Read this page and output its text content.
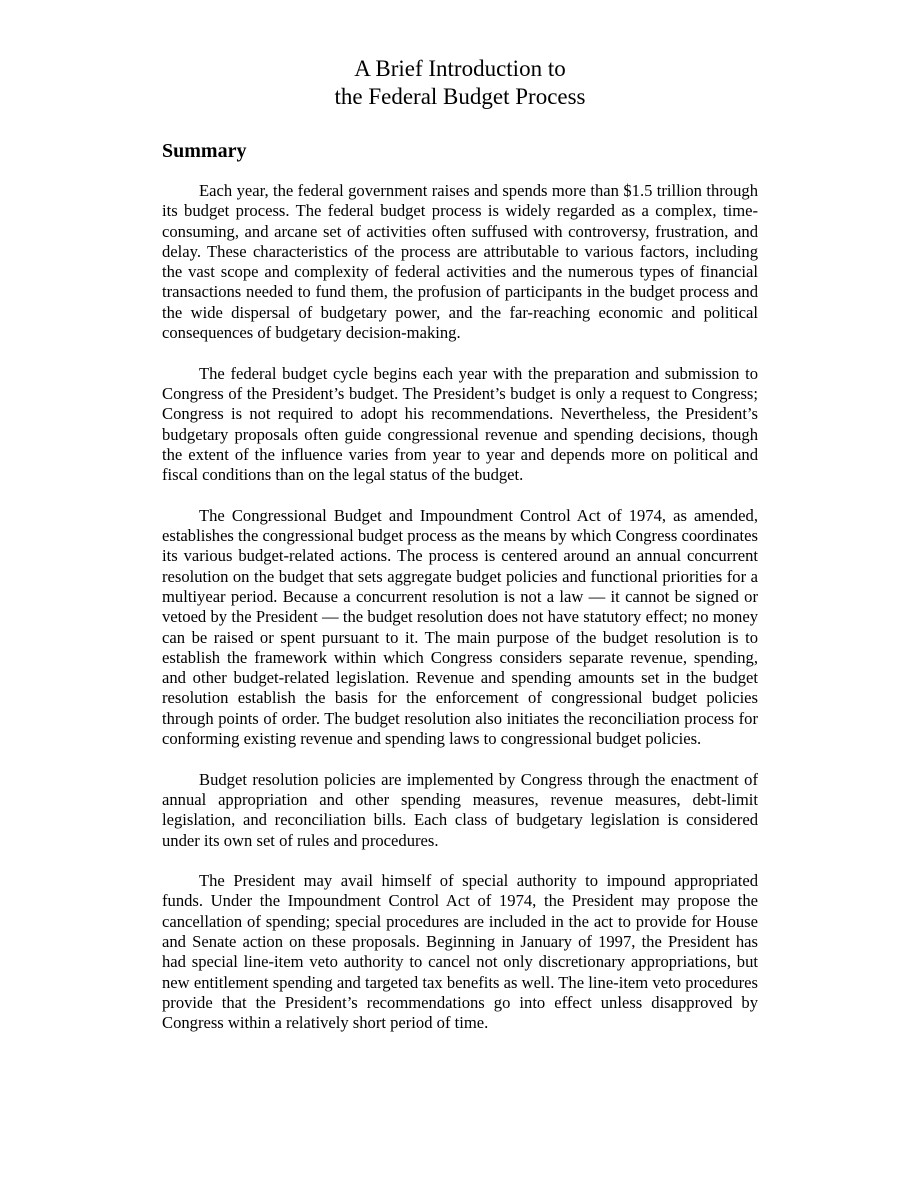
A Brief Introduction to
the Federal Budget Process
Summary

Each year, the federal government raises and spends more than $1.5 trillion through its budget process. The federal budget process is widely regarded as a complex, time-consuming, and arcane set of activities often suffused with controversy, frustration, and delay. These characteristics of the process are attributable to various factors, including the vast scope and complexity of federal activities and the numerous types of financial transactions needed to fund them, the profusion of participants in the budget process and the wide dispersal of budgetary power, and the far-reaching economic and political consequences of budgetary decision-making.

The federal budget cycle begins each year with the preparation and submission to Congress of the President’s budget. The President’s budget is only a request to Congress; Congress is not required to adopt his recommendations. Nevertheless, the President’s budgetary proposals often guide congressional revenue and spending decisions, though the extent of the influence varies from year to year and depends more on political and fiscal conditions than on the legal status of the budget.

The Congressional Budget and Impoundment Control Act of 1974, as amended, establishes the congressional budget process as the means by which Congress coordinates its various budget-related actions. The process is centered around an annual concurrent resolution on the budget that sets aggregate budget policies and functional priorities for a multiyear period. Because a concurrent resolution is not a law — it cannot be signed or vetoed by the President — the budget resolution does not have statutory effect; no money can be raised or spent pursuant to it. The main purpose of the budget resolution is to establish the framework within which Congress considers separate revenue, spending, and other budget-related legislation. Revenue and spending amounts set in the budget resolution establish the basis for the enforcement of congressional budget policies through points of order. The budget resolution also initiates the reconciliation process for conforming existing revenue and spending laws to congressional budget policies.

Budget resolution policies are implemented by Congress through the enactment of annual appropriation and other spending measures, revenue measures, debt-limit legislation, and reconciliation bills. Each class of budgetary legislation is considered under its own set of rules and procedures.

The President may avail himself of special authority to impound appropriated funds. Under the Impoundment Control Act of 1974, the President may propose the cancellation of spending; special procedures are included in the act to provide for House and Senate action on these proposals. Beginning in January of 1997, the President has had special line-item veto authority to cancel not only discretionary appropriations, but new entitlement spending and targeted tax benefits as well. The line-item veto procedures provide that the President’s recommendations go into effect unless disapproved by Congress within a relatively short period of time.
